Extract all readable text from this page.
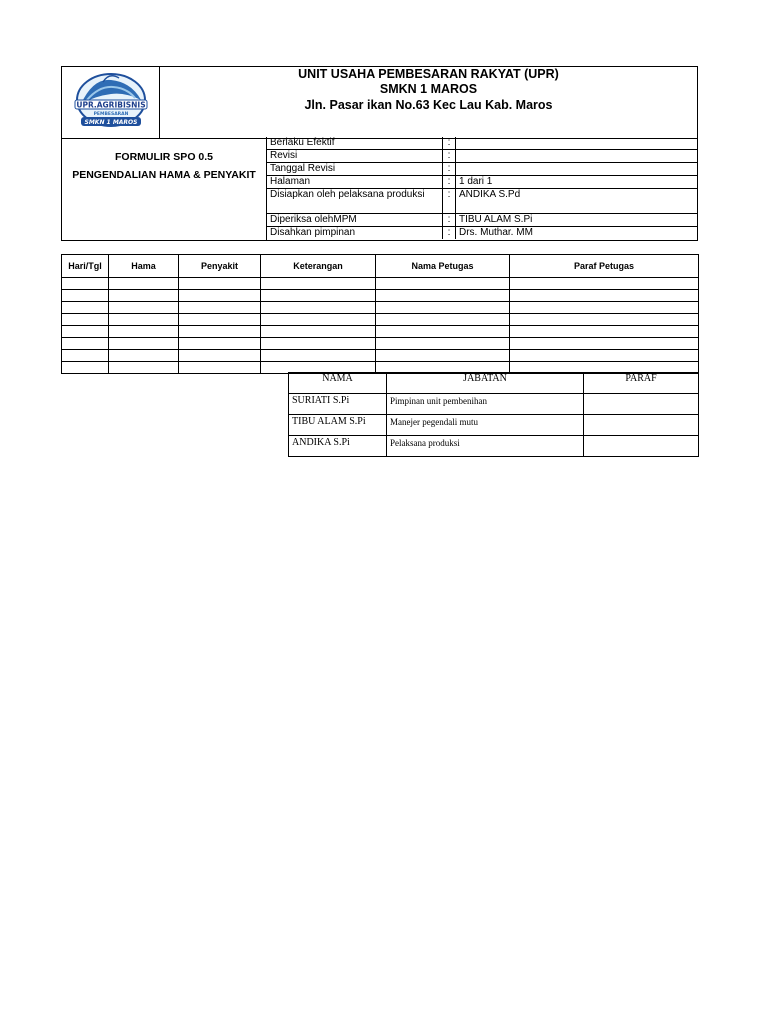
UPR.AGRIBISNIS
PEMBESARAN
SMKN 1 MAROS
UNIT USAHA PEMBESARAN RAKYAT (UPR)
SMKN 1 MAROS
Jln. Pasar ikan No.63 Kec Lau Kab. Maros
FORMULIR SPO 0.5
PENGENDALIAN HAMA & PENYAKIT
Berlaku Efektif	:
Revisi	:
Tanggal Revisi	:
Halaman	: 1 dari 1
Disiapkan oleh pelaksana produksi	: ANDIKA S.Pd
Diperiksa olehMPM	: TIBU ALAM S.Pi
Disahkan pimpinan	: Drs. Muthar. MM
Hari/Tgl	Hama	Penyakit	Keterangan	Nama Petugas	Paraf Petugas

NAMA	JABATAN	PARAF
SURIATI S.Pi	Pimpinan unit pembenihan	
TIBU ALAM S.Pi	Manejer pegendali mutu	
ANDIKA S.Pi	Pelaksana produksi	
